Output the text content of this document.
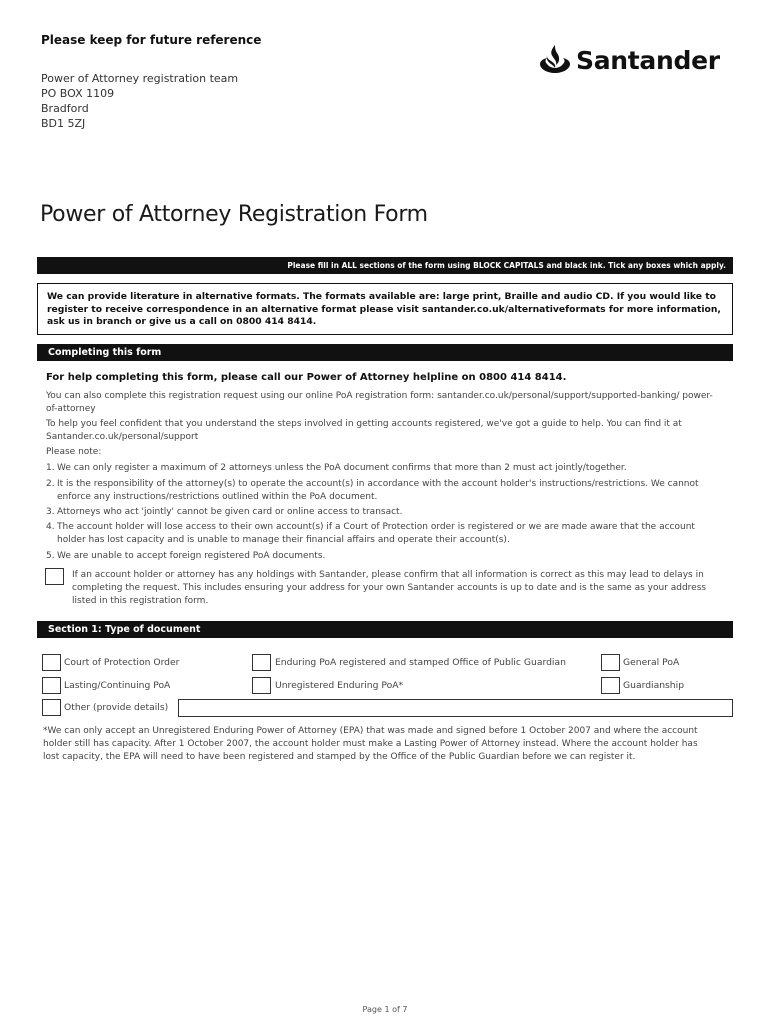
Please keep for future reference
Power of Attorney registration team
PO BOX 1109
Bradford
BD1 5ZJ
Santander
Power of Attorney Registration Form
Please fill in ALL sections of the form using BLOCK CAPITALS and black ink. Tick any boxes which apply.
We can provide literature in alternative formats. The formats available are: large print, Braille and audio CD. If you would like to register to receive correspondence in an alternative format please visit santander.co.uk/alternativeformats for more information, ask us in branch or give us a call on 0800 414 8414.
Completing this form
For help completing this form, please call our Power of Attorney helpline on 0800 414 8414.
You can also complete this registration request using our online PoA registration form: santander.co.uk/personal/support/supported-banking/ power-of-attorney
To help you feel confident that you understand the steps involved in getting accounts registered, we've got a guide to help. You can find it at Santander.co.uk/personal/support
Please note:
1. We can only register a maximum of 2 attorneys unless the PoA document confirms that more than 2 must act jointly/together.
2. It is the responsibility of the attorney(s) to operate the account(s) in accordance with the account holder's instructions/restrictions. We cannot
enforce any instructions/restrictions outlined within the PoA document.
3. Attorneys who act 'jointly' cannot be given card or online access to transact.
4. The account holder will lose access to their own account(s) if a Court of Protection order is registered or we are made aware that the account
holder has lost capacity and is unable to manage their financial affairs and operate their account(s).
5. We are unable to accept foreign registered PoA documents.
If an account holder or attorney has any holdings with Santander, please confirm that all information is correct as this may lead to delays in completing the request. This includes ensuring your address for your own Santander accounts is up to date and is the same as your address listed in this registration form.
Section 1: Type of document
Court of Protection Order	Enduring PoA registered and stamped Office of Public Guardian	General PoA
Lasting/Continuing PoA	Unregistered Enduring PoA*	Guardianship
Other (provide details)
*We can only accept an Unregistered Enduring Power of Attorney (EPA) that was made and signed before 1 October 2007 and where the account holder still has capacity. After 1 October 2007, the account holder must make a Lasting Power of Attorney instead. Where the account holder has lost capacity, the EPA will need to have been registered and stamped by the Office of the Public Guardian before we can register it.
Page 1 of 7
